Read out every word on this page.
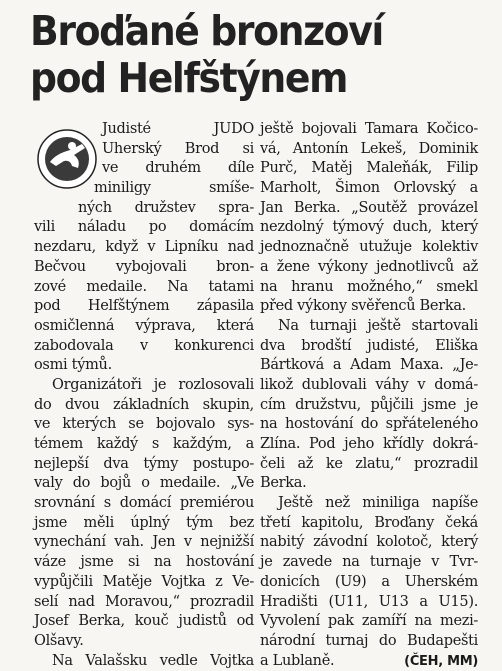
Broďané bronzoví
pod Helfštýnem
Judisté JUDO
Uherský Brod si
ve druhém díle
miniligy smíše-
ných družstev spra-
vili náladu po domácím
nezdaru, když v Lipníku nad
Bečvou vybojovali bron-
zové medaile. Na tatami
pod Helfštýnem zápasila
osmičlenná výprava, která
zabodovala v konkurenci
osmi týmů.
Organizátoři je rozlosovali
do dvou základních skupin,
ve kterých se bojovalo sys-
témem každý s každým, a
nejlepší dva týmy postupo-
valy do bojů o medaile. „Ve
srovnání s domácí premiérou
jsme měli úplný tým bez
vynechání vah. Jen v nejnižší
váze jsme si na hostování
vypůjčili Matěje Vojtka z Ve-
selí nad Moravou,“ prozradil
Josef Berka, kouč judistů od
Olšavy.
Na Valašsku vedle Vojtka
ještě bojovali Tamara Kočico-
vá, Antonín Lekeš, Dominik
Purč, Matěj Maleňák, Filip
Marholt, Šimon Orlovský a
Jan Berka. „Soutěž provázel
nezdolný týmový duch, který
jednoznačně utužuje kolektiv
a žene výkony jednotlivců až
na hranu možného,“ smekl
před výkony svěřenců Berka.
Na turnaji ještě startovali
dva brodští judisté, Eliška
Bártková a Adam Maxa. „Je-
likož dublovali váhy v domá-
cím družstvu, půjčili jsme je
na hostování do spřáteleného
Zlína. Pod jeho křídly dokrá-
čeli až ke zlatu,“ prozradil
Berka.
Ještě než miniliga napíše
třetí kapitolu, Broďany čeká
nabitý závodní kolotoč, který
je zavede na turnaje v Tvr-
donicích (U9) a Uherském
Hradišti (U11, U13 a U15).
Vyvolení pak zamíří na mezi-
národní turnaj do Budapešti
a Lublaně.	(ČEH, MM)
